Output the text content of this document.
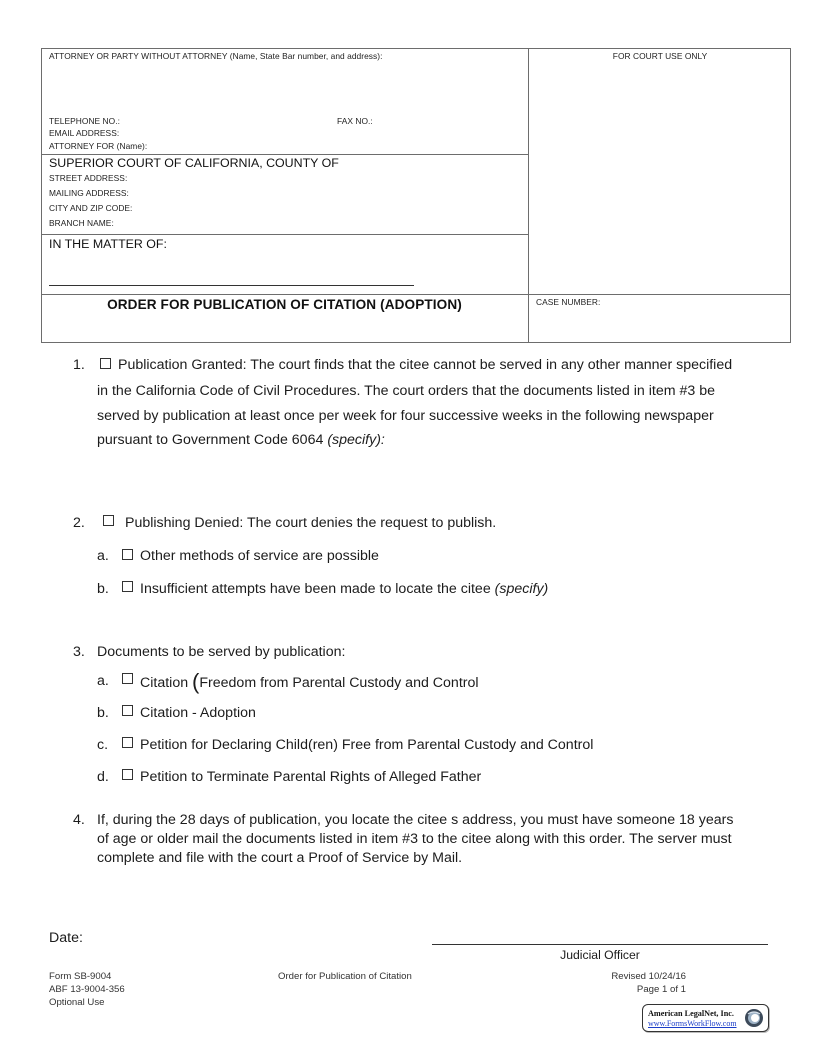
ATTORNEY OR PARTY WITHOUT ATTORNEY (Name, State Bar number, and address):
TELEPHONE NO.:	FAX NO.:
EMAIL ADDRESS:
ATTORNEY FOR (Name):
FOR COURT USE ONLY
SUPERIOR COURT OF CALIFORNIA, COUNTY OF
STREET ADDRESS:
MAILING ADDRESS:
CITY AND ZIP CODE:
BRANCH NAME:
IN THE MATTER OF:
ORDER FOR PUBLICATION OF CITATION (ADOPTION)	CASE NUMBER:
1. Publication Granted: The court finds that the citee cannot be served in any other manner specified
in the California Code of Civil Procedures. The court orders that the documents listed in item #3 be
served by publication at least once per week for four successive weeks in the following newspaper
pursuant to Government Code 6064 (specify):
2.	Publishing Denied: The court denies the request to publish.
a. Other methods of service are possible
b. Insufficient attempts have been made to locate the citee (specify)
3. Documents to be served by publication:
a. Citation (Freedom from Parental Custody and Control
b. Citation - Adoption
c. Petition for Declaring Child(ren) Free from Parental Custody and Control
d. Petition to Terminate Parental Rights of Alleged Father
4. If, during the 28 days of publication, you locate the citee s address, you must have someone 18 years
of age or older mail the documents listed in item #3 to the citee along with this order. The server must
complete and file with the court a Proof of Service by Mail.
Date:
Judicial Officer
Form SB-9004
ABF 13-9004-356
Optional Use
Order for Publication of Citation	Revised 10/24/16
Page 1 of 1
American LegalNet, Inc.
www.FormsWorkFlow.com
